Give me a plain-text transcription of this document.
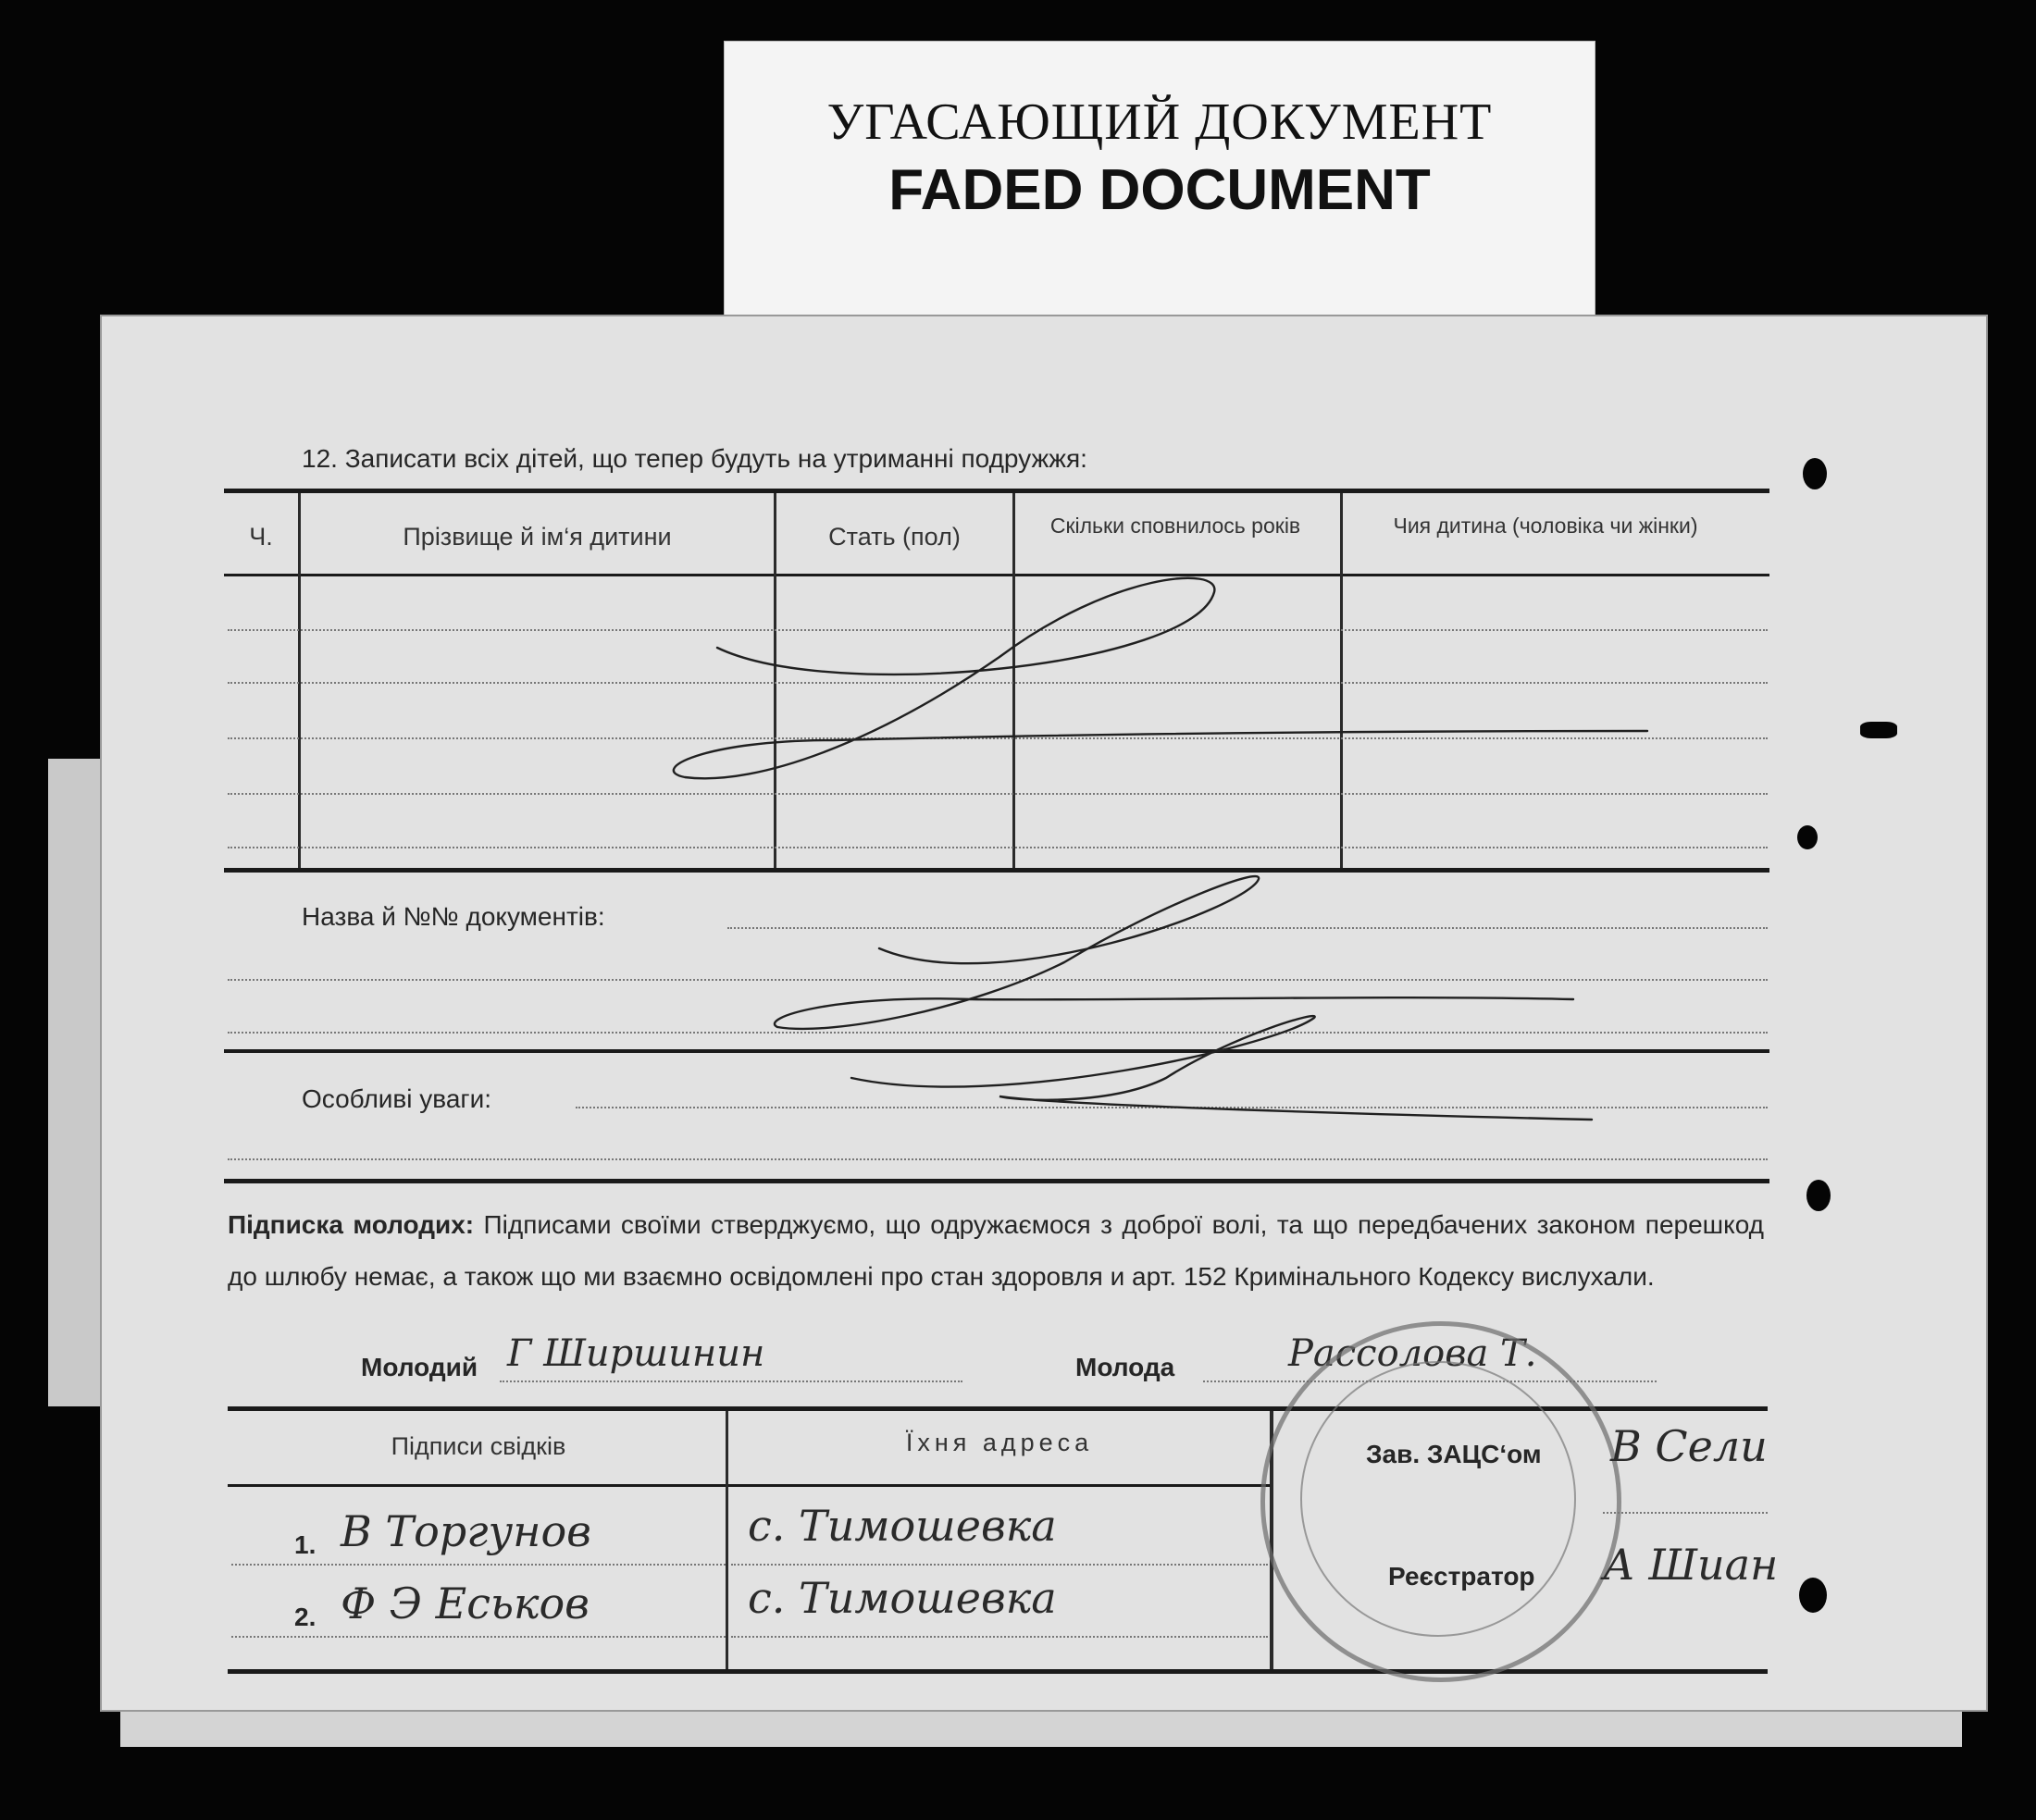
УГАСАЮЩИЙ ДОКУМЕНТ
FADED DOCUMENT
12. Записати всіх дітей, що тепер будуть на утриманні подружжя:
Ч.	Прізвище й ім‘я дитини	Стать (пол)	Скільки сповнилось років	Чия дитина (чоловіка чи жінки)
Назва й №№ документів:
Особливі уваги:
Підписка молодих: Підписами своїми стверджуємо, що одружаємося з доброї волі, та що передбачених законом перешкод до шлюбу немає, а також що ми взаємно освідомлені про стан здоровля и арт. 152 Кримінального Кодексу вислухали.
Молодий Г Ширшинин	Молода	Рассолова Т.
Підписи свідків	Їхня адреса
1. В Торгунов	с. Тимошевка
2. Ф Э Еськов	с. Тимошевка
Зав. ЗАЦС‘ом В Сели
Реєстратор А Шиан
